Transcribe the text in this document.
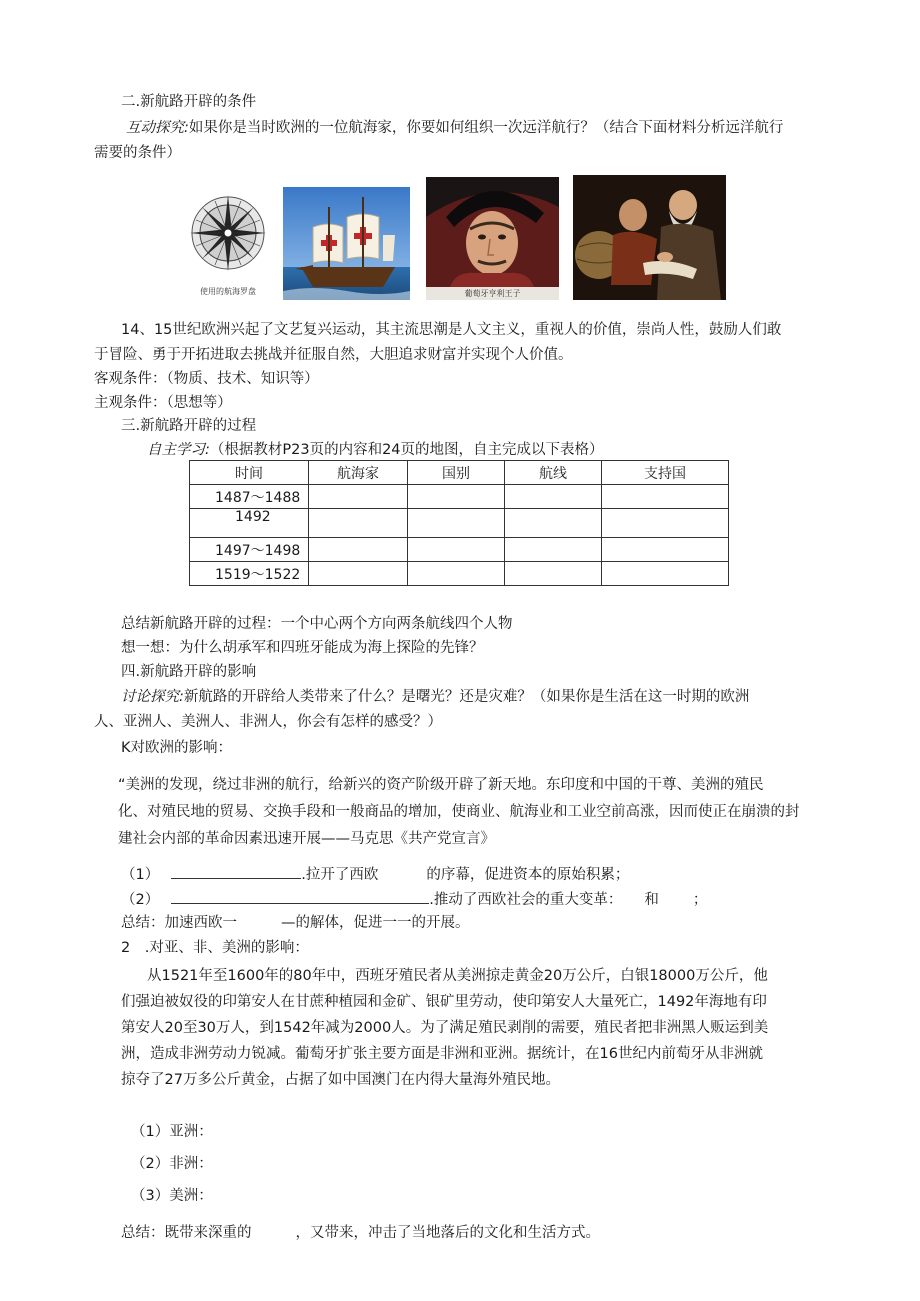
二.新航路开辟的条件
互动探究:如果你是当时欧洲的一位航海家，你要如何组织一次远洋航行？（结合下面材料分析远洋航行
需要的条件）
使用的航海罗盘	葡萄牙亨利王子
14、15世纪欧洲兴起了文艺复兴运动，其主流思潮是人文主义，重视人的价值，崇尚人性，鼓励人们敢
于冒险、勇于开拓进取去挑战并征服自然，大胆追求财富并实现个人价值。
客观条件：（物质、技术、知识等）
主观条件：（思想等）
三.新航路开辟的过程
自主学习:（根据教材P23页的内容和24页的地图，自主完成以下表格）
时间	航海家	国别	航线	支持国
1487～1488				
1492				
1497～1498				
1519～1522				
总结新航路开辟的过程：一个中心两个方向两条航线四个人物
想一想：为什么胡承军和四班牙能成为海上探险的先锋？
四.新航路开辟的影响
讨论探究:新航路的开辟给人类带来了什么？是曙光？还是灾难？（如果你是生活在这一时期的欧洲
人、亚洲人、美洲人、非洲人，你会有怎样的感受？）
K对欧洲的影响：
“美洲的发现，绕过非洲的航行，给新兴的资产阶级开辟了新天地。东印度和中国的干尊、美洲的殖民
化、对殖民地的贸易、交换手段和一般商品的增加，使商业、航海业和工业空前高涨，因而使正在崩溃的封
建社会内部的革命因素迅速开展——马克思《共产党宣言》
（1）	.拉开了西欧	的序幕，促进资本的原始积累；
（2）	.推动了西欧社会的重大变革： 和 ；
总结：加速西欧一	—的解体，促进一一的开展。
2　.对亚、非、美洲的影响：
从1521年至1600年的80年中，西班牙殖民者从美洲掠走黄金20万公斤，白银18000万公斤，他
们强迫被奴役的印第安人在甘蔗种植园和金矿、银矿里劳动，使印第安人大量死亡，1492年海地有印
第安人20至30万人，到1542年减为2000人。为了满足殖民剥削的需要，殖民者把非洲黑人贩运到美
洲，造成非洲劳动力锐减。葡萄牙扩张主要方面是非洲和亚洲。据统计，在16世纪内前萄牙从非洲就
掠夺了27万多公斤黄金，占据了如中国澳门在内得大量海外殖民地。
（1）亚洲：
（2）非洲：
（3）美洲：
总结：既带来深重的	，又带来，冲击了当地落后的文化和生活方式。
